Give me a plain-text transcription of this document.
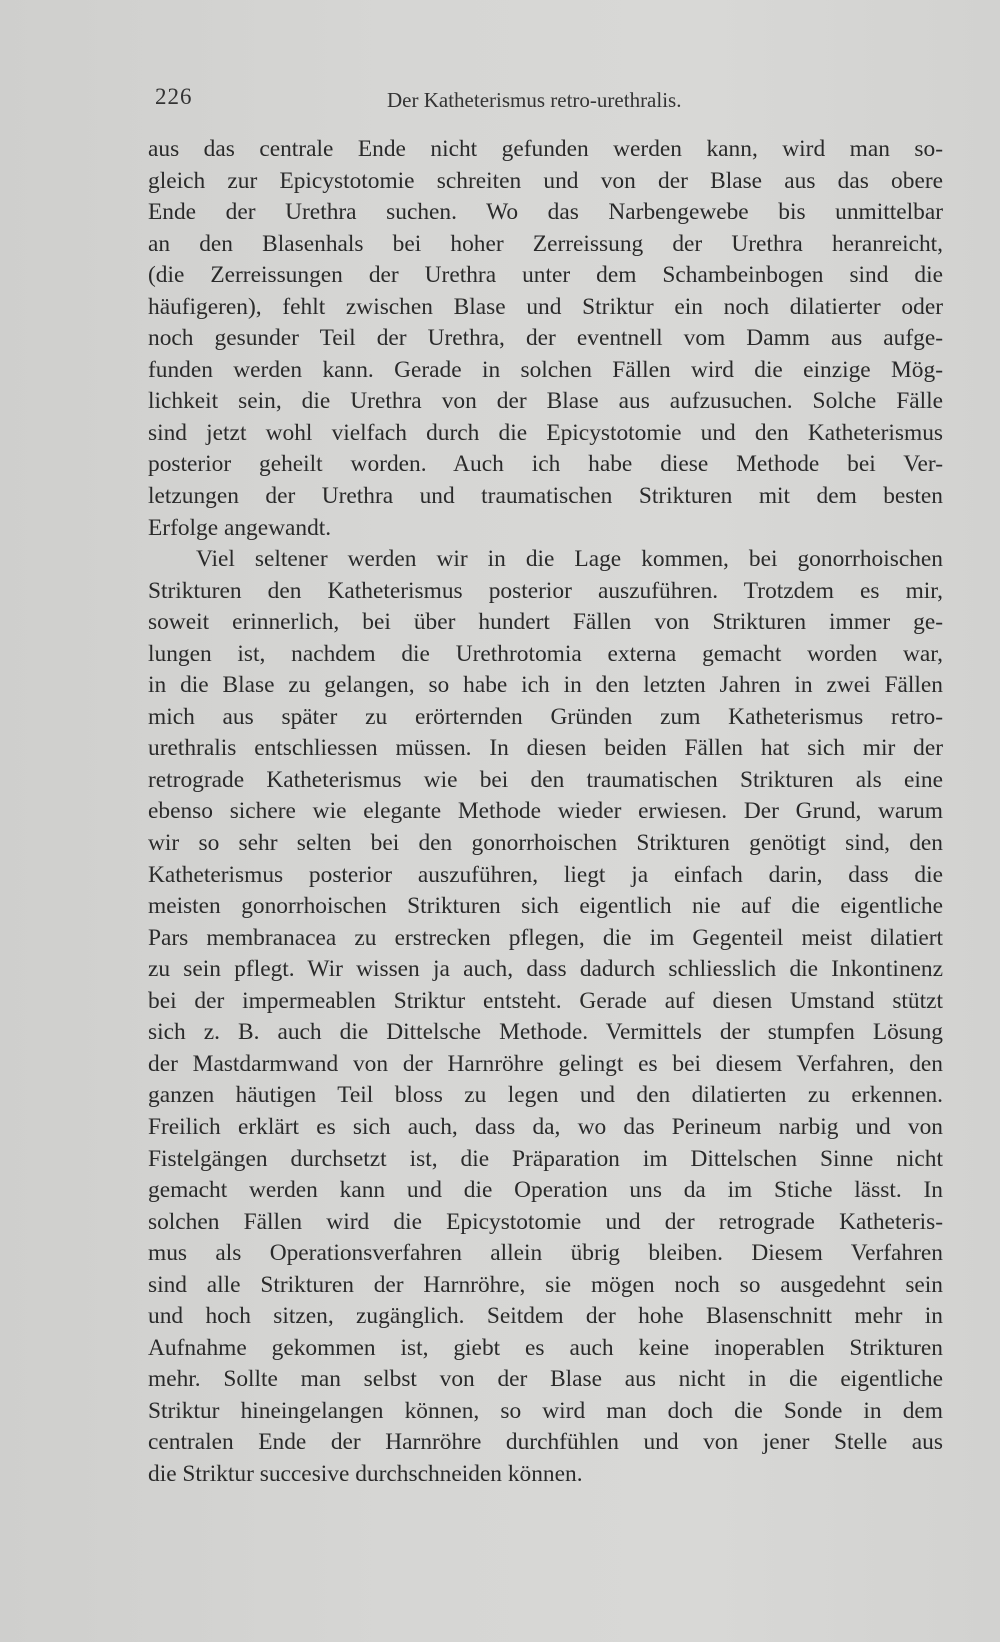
226	Der Katheterismus retro-urethralis.
aus das centrale Ende nicht gefunden werden kann, wird man so-
gleich zur Epicystotomie schreiten und von der Blase aus das obere
Ende der Urethra suchen. Wo das Narbengewebe bis unmittelbar
an den Blasenhals bei hoher Zerreissung der Urethra heranreicht,
(die Zerreissungen der Urethra unter dem Schambeinbogen sind die
häufigeren), fehlt zwischen Blase und Striktur ein noch dilatierter oder
noch gesunder Teil der Urethra, der eventnell vom Damm aus aufge-
funden werden kann. Gerade in solchen Fällen wird die einzige Mög-
lichkeit sein, die Urethra von der Blase aus aufzusuchen. Solche Fälle
sind jetzt wohl vielfach durch die Epicystotomie und den Katheterismus
posterior geheilt worden. Auch ich habe diese Methode bei Ver-
letzungen der Urethra und traumatischen Strikturen mit dem besten
Erfolge angewandt.
Viel seltener werden wir in die Lage kommen, bei gonorrhoischen
Strikturen den Katheterismus posterior auszuführen. Trotzdem es mir,
soweit erinnerlich, bei über hundert Fällen von Strikturen immer ge-
lungen ist, nachdem die Urethrotomia externa gemacht worden war,
in die Blase zu gelangen, so habe ich in den letzten Jahren in zwei Fällen
mich aus später zu erörternden Gründen zum Katheterismus retro-
urethralis entschliessen müssen. In diesen beiden Fällen hat sich mir der
retrograde Katheterismus wie bei den traumatischen Strikturen als eine
ebenso sichere wie elegante Methode wieder erwiesen. Der Grund, warum
wir so sehr selten bei den gonorrhoischen Strikturen genötigt sind, den
Katheterismus posterior auszuführen, liegt ja einfach darin, dass die
meisten gonorrhoischen Strikturen sich eigentlich nie auf die eigentliche
Pars membranacea zu erstrecken pflegen, die im Gegenteil meist dilatiert
zu sein pflegt. Wir wissen ja auch, dass dadurch schliesslich die Inkontinenz
bei der impermeablen Striktur entsteht. Gerade auf diesen Umstand stützt
sich z. B. auch die Dittelsche Methode. Vermittels der stumpfen Lösung
der Mastdarmwand von der Harnröhre gelingt es bei diesem Verfahren, den
ganzen häutigen Teil bloss zu legen und den dilatierten zu erkennen.
Freilich erklärt es sich auch, dass da, wo das Perineum narbig und von
Fistelgängen durchsetzt ist, die Präparation im Dittelschen Sinne nicht
gemacht werden kann und die Operation uns da im Stiche lässt. In
solchen Fällen wird die Epicystotomie und der retrograde Katheteris-
mus als Operationsverfahren allein übrig bleiben. Diesem Verfahren
sind alle Strikturen der Harnröhre, sie mögen noch so ausgedehnt sein
und hoch sitzen, zugänglich. Seitdem der hohe Blasenschnitt mehr in
Aufnahme gekommen ist, giebt es auch keine inoperablen Strikturen
mehr. Sollte man selbst von der Blase aus nicht in die eigentliche
Striktur hineingelangen können, so wird man doch die Sonde in dem
centralen Ende der Harnröhre durchfühlen und von jener Stelle aus
die Striktur succesive durchschneiden können.
